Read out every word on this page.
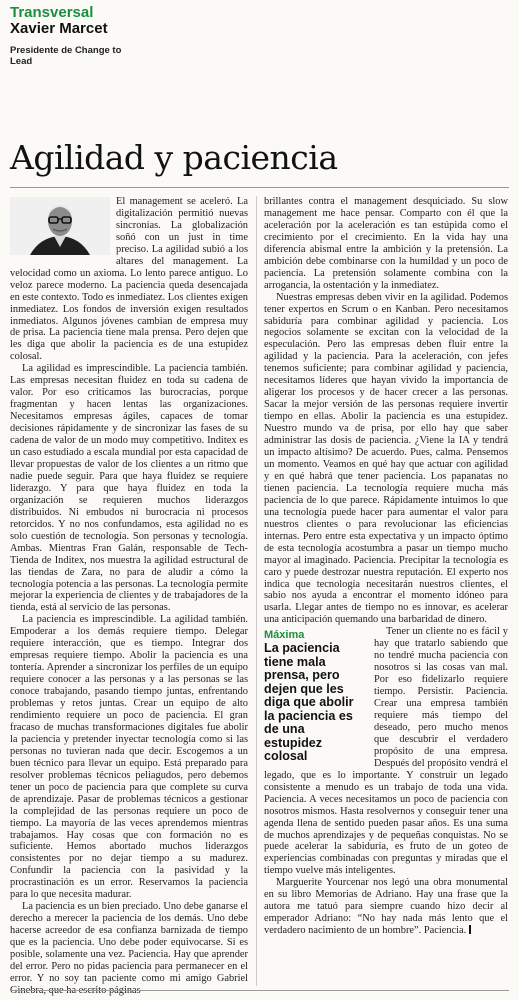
Transversal
Xavier Marcet
Presidente de Change to Lead
Agilidad y paciencia

El management se aceleró. La digitalización permitió nuevas sincronías. La globalización soñó con un just in time preciso. La agilidad subió a los altares del management. La velocidad como un axioma. Lo lento parece antiguo. Lo veloz parece moderno. La paciencia queda desencajada en este contexto. Todo es inmediatez. Los clientes exigen inmediatez. Los fondos de inversión exigen resultados inmediatos. Algunos jóvenes cambian de empresa muy de prisa. La paciencia tiene mala prensa. Pero dejen que les diga que abolir la paciencia es de una estupidez colosal.

La agilidad es imprescindible. La paciencia también. Las empresas necesitan fluidez en toda su cadena de valor. Por eso criticamos las burocracias, porque fragmentan y hacen lentas las organizaciones. Necesitamos empresas ágiles, capaces de tomar decisiones rápidamente y de sincronizar las fases de su cadena de valor de un modo muy competitivo. Inditex es un caso estudiado a escala mundial por esta capacidad de llevar propuestas de valor de los clientes a un ritmo que nadie puede seguir. Para que haya fluidez se requiere liderazgo. Y para que haya fluidez en toda la organización se requieren muchos liderazgos distribuidos. Ni embudos ni burocracia ni procesos retorcidos. Y no nos confundamos, esta agilidad no es solo cuestión de tecnología. Son personas y tecnología. Ambas. Mientras Fran Galán, responsable de Tech-Tienda de Inditex, nos muestra la agilidad estructural de las tiendas de Zara, no para de aludir a cómo la tecnología potencia a las personas. La tecnología permite mejorar la experiencia de clientes y de trabajadores de la tienda, está al servicio de las personas.

La paciencia es imprescindible. La agilidad también. Empoderar a los demás requiere tiempo. Delegar requiere interacción, que es tiempo. Integrar dos empresas requiere tiempo. Abolir la paciencia es una tontería. Aprender a sincronizar los perfiles de un equipo requiere conocer a las personas y a las personas se las conoce trabajando, pasando tiempo juntas, enfrentando problemas y retos juntas. Crear un equipo de alto rendimiento requiere un poco de paciencia. El gran fracaso de muchas transformaciones digitales fue abolir la paciencia y pretender inyectar tecnología como si las personas no tuvieran nada que decir. Escogemos a un buen técnico para llevar un equipo. Está preparado para resolver problemas técnicos peliagudos, pero debemos tener un poco de paciencia para que complete su curva de aprendizaje. Pasar de problemas técnicos a gestionar la complejidad de las personas requiere un poco de tiempo. La mayoría de las veces aprendemos mientras trabajamos. Hay cosas que con formación no es suficiente. Hemos abortado muchos liderazgos consistentes por no dejar tiempo a su madurez. Confundir la paciencia con la pasividad y la procrastinación es un error. Reservamos la paciencia para lo que necesita madurar.

La paciencia es un bien preciado. Uno debe ganarse el derecho a merecer la paciencia de los demás. Uno debe hacerse acreedor de esa confianza barnizada de tiempo que es la paciencia. Uno debe poder equivocarse. Si es posible, solamente una vez. Paciencia. Hay que aprender del error. Pero no pidas paciencia para permanecer en el error. Y no soy tan paciente como mi amigo Gabriel Ginebra, que ha escrito páginas

brillantes contra el management desquiciado. Su slow management me hace pensar. Comparto con él que la aceleración por la aceleración es tan estúpida como el crecimiento por el crecimiento. En la vida hay una diferencia abismal entre la ambición y la pretensión. La ambición debe combinarse con la humildad y un poco de paciencia. La pretensión solamente combina con la arrogancia, la ostentación y la inmediatez.

Nuestras empresas deben vivir en la agilidad. Podemos tener expertos en Scrum o en Kanban. Pero necesitamos sabiduría para combinar agilidad y paciencia. Los negocios solamente se excitan con la velocidad de la especulación. Pero las empresas deben fluir entre la agilidad y la paciencia. Para la aceleración, con jefes tenemos suficiente; para combinar agilidad y paciencia, necesitamos líderes que hayan vivido la importancia de aligerar los procesos y de hacer crecer a las personas. Sacar la mejor versión de las personas requiere invertir tiempo en ellas. Abolir la paciencia es una estupidez. Nuestro mundo va de prisa, por ello hay que saber administrar las dosis de paciencia. ¿Viene la IA y tendrá un impacto altísimo? De acuerdo. Pues, calma. Pensemos un momento. Veamos en qué hay que actuar con agilidad y en qué habrá que tener paciencia. Los papanatas no tienen paciencia. La tecnología requiere mucha más paciencia de lo que parece. Rápidamente intuimos lo que una tecnología puede hacer para aumentar el valor para nuestros clientes o para revolucionar las eficiencias internas. Pero entre esta expectativa y un impacto óptimo de esta tecnología acostumbra a pasar un tiempo mucho mayor al imaginado. Paciencia. Precipitar la tecnología es caro y puede destrozar nuestra reputación. El experto nos indica que tecnología necesitarán nuestros clientes, el sabio nos ayuda a encontrar el momento idóneo para usarla. Llegar antes de tiempo no es innovar, es acelerar una anticipación quemando una barbaridad de dinero.

Máxima
La paciencia tiene mala prensa, pero dejen que les diga que abolir la paciencia es de una estupidez colosal

Tener un cliente no es fácil y hay que tratarlo sabiendo que no tendré mucha paciencia con nosotros si las cosas van mal. Por eso fidelizarlo requiere tiempo. Persistir. Paciencia. Crear una empresa también requiere más tiempo del deseado, pero mucho menos que descubrir el verdadero propósito de una empresa. Después del propósito vendrá el legado, que es lo importante. Y construir un legado consistente a menudo es un trabajo de toda una vida. Paciencia. A veces necesitamos un poco de paciencia con nosotros mismos. Hasta resolvernos y conseguir tener una agenda llena de sentido pueden pasar años. Es una suma de muchos aprendizajes y de pequeñas conquistas. No se puede acelerar la sabiduría, es fruto de un goteo de experiencias combinadas con preguntas y miradas que el tiempo vuelve más inteligentes.

Marguerite Yourcenar nos legó una obra monumental en su libro Memorias de Adriano. Hay una frase que la autora me tatuó para siempre cuando hizo decir al emperador Adriano: “No hay nada más lento que el verdadero nacimiento de un hombre”. Paciencia.
